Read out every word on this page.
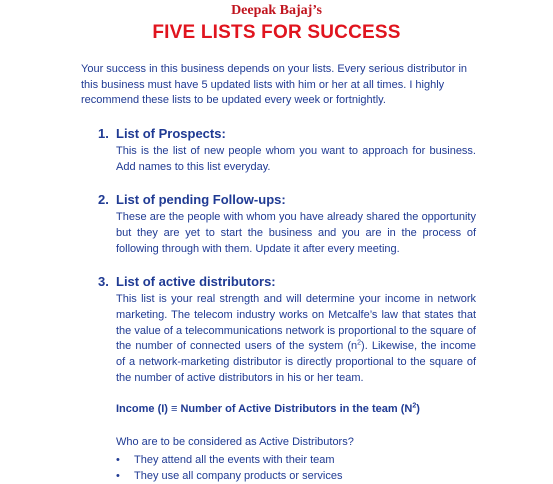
Deepak Bajaj’s
FIVE LISTS FOR SUCCESS
Your success in this business depends on your lists. Every serious distributor in this business must have 5 updated lists with him or her at all times. I highly recommend these lists to be updated every week or fortnightly.
1. List of Prospects:
This is the list of new people whom you want to approach for business. Add names to this list everyday.
2. List of pending Follow-ups:
These are the people with whom you have already shared the opportunity but they are yet to start the business and you are in the process of following through with them. Update it after every meeting.
3. List of active distributors:
This list is your real strength and will determine your income in network marketing. The telecom industry works on Metcalfe’s law that states that the value of a telecommunications network is proportional to the square of the number of connected users of the system $(n^2)$. Likewise, the income of a network-marketing distributor is directly proportional to the square of the number of active distributors in his or her team.
Income (I) ≡ Number of Active Distributors in the team $(N^2)$
Who are to be considered as Active Distributors?
• They attend all the events with their team
• They use all company products or services
